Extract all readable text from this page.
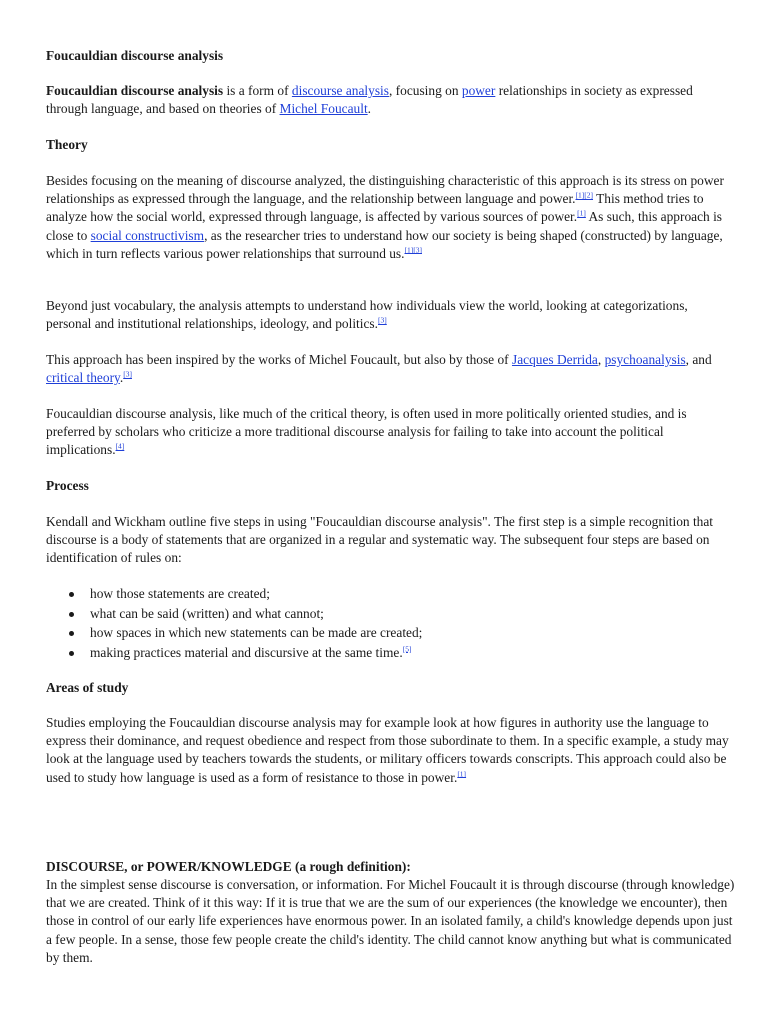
Foucauldian discourse analysis
Foucauldian discourse analysis is a form of discourse analysis, focusing on power relationships in society as expressed through language, and based on theories of Michel Foucault.
Theory
Besides focusing on the meaning of discourse analyzed, the distinguishing characteristic of this approach is its stress on power relationships as expressed through the language, and the relationship between language and power.[1][2] This method tries to analyze how the social world, expressed through language, is affected by various sources of power.[1] As such, this approach is close to social constructivism, as the researcher tries to understand how our society is being shaped (constructed) by language, which in turn reflects various power relationships that surround us.[1][3]
Beyond just vocabulary, the analysis attempts to understand how individuals view the world, looking at categorizations, personal and institutional relationships, ideology, and politics.[3]
This approach has been inspired by the works of Michel Foucault, but also by those of Jacques Derrida, psychoanalysis, and critical theory.[3]
Foucauldian discourse analysis, like much of the critical theory, is often used in more politically oriented studies, and is preferred by scholars who criticize a more traditional discourse analysis for failing to take into account the political implications.[4]
Process
Kendall and Wickham outline five steps in using "Foucauldian discourse analysis". The first step is a simple recognition that discourse is a body of statements that are organized in a regular and systematic way. The subsequent four steps are based on identification of rules on:
how those statements are created;
what can be said (written) and what cannot;
how spaces in which new statements can be made are created;
making practices material and discursive at the same time.[5]
Areas of study
Studies employing the Foucauldian discourse analysis may for example look at how figures in authority use the language to express their dominance, and request obedience and respect from those subordinate to them. In a specific example, a study may look at the language used by teachers towards the students, or military officers towards conscripts. This approach could also be used to study how language is used as a form of resistance to those in power.[1]
DISCOURSE, or POWER/KNOWLEDGE (a rough definition):
In the simplest sense discourse is conversation, or information. For Michel Foucault it is through discourse (through knowledge) that we are created. Think of it this way: If it is true that we are the sum of our experiences (the knowledge we encounter), then those in control of our early life experiences have enormous power. In an isolated family, a child's knowledge depends upon just a few people. In a sense, those few people create the child's identity. The child cannot know anything but what is communicated by them.
